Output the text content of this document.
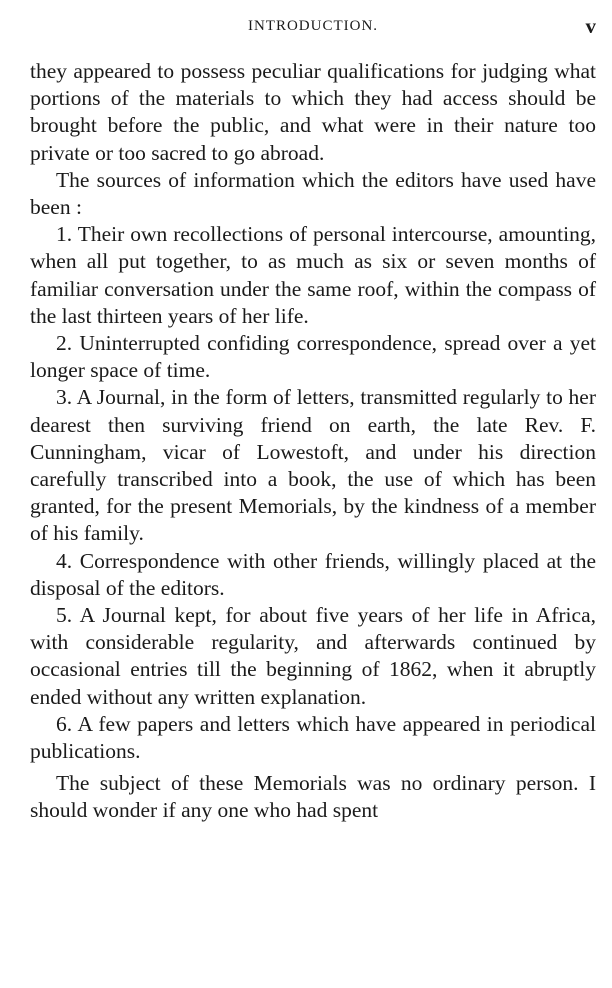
INTRODUCTION.	v

they appeared to possess peculiar qualifications for judging what portions of the materials to which they had access should be brought before the public, and what were in their nature too private or too sacred to go abroad.

The sources of information which the editors have used have been :

1. Their own recollections of personal intercourse, amounting, when all put together, to as much as six or seven months of familiar conversation under the same roof, within the compass of the last thirteen years of her life.

2. Uninterrupted confiding correspondence, spread over a yet longer space of time.

3. A Journal, in the form of letters, transmitted regularly to her dearest then surviving friend on earth, the late Rev. F. Cunningham, vicar of Lowestoft, and under his direction carefully transcribed into a book, the use of which has been granted, for the present Memorials, by the kindness of a member of his family.

4. Correspondence with other friends, willingly placed at the disposal of the editors.

5. A Journal kept, for about five years of her life in Africa, with considerable regularity, and afterwards continued by occasional entries till the beginning of 1862, when it abruptly ended without any written explanation.

6. A few papers and letters which have appeared in periodical publications.

The subject of these Memorials was no ordinary person. I should wonder if any one who had spent
